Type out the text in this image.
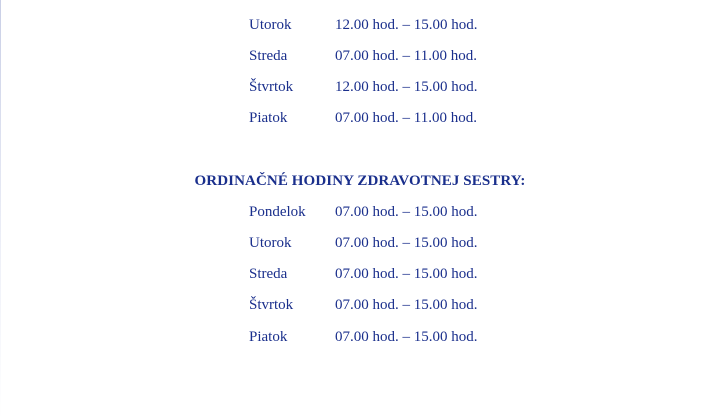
Utorok	12.00 hod. – 15.00 hod.
Streda	07.00 hod. – 11.00 hod.
Štvrtok	12.00 hod. – 15.00 hod.
Piatok	07.00 hod. – 11.00 hod.
ORDINAČNÉ HODINY ZDRAVOTNEJ SESTRY:
Pondelok 07.00 hod. – 15.00 hod.
Utorok	07.00 hod. – 15.00 hod.
Streda	07.00 hod. – 15.00 hod.
Štvrtok	07.00 hod. – 15.00 hod.
Piatok	07.00 hod. – 15.00 hod.
